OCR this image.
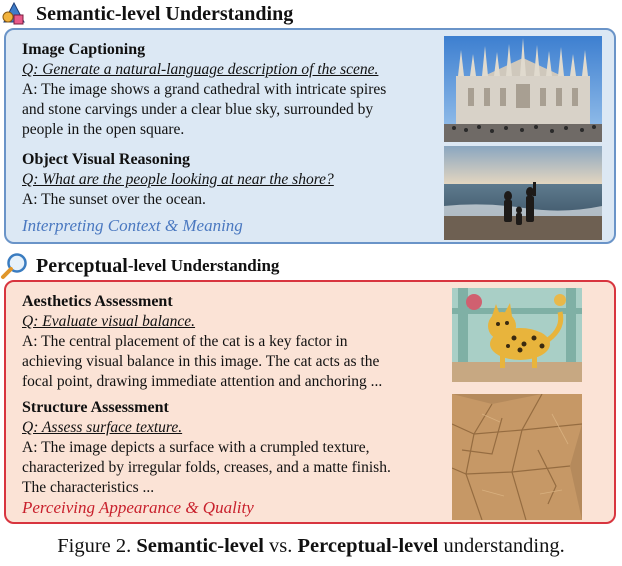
Semantic-level Understanding
Image Captioning
Q: Generate a natural-language description of the scene.
A: The image shows a grand cathedral with intricate spires
and stone carvings under a clear blue sky, surrounded by
people in the open square.
Object Visual Reasoning
Q: What are the people looking at near the shore?
A: The sunset over the ocean.
Interpreting Context & Meaning
Perceptual -level Understanding
Aesthetics Assessment
Q: Evaluate visual balance.
A: The central placement of the cat is a key factor in
achieving visual balance in this image. The cat acts as the
focal point, drawing immediate attention and anchoring ...
Structure Assessment
Q: Assess surface texture.
A: The image depicts a surface with a crumpled texture,
characterized by irregular folds, creases, and a matte finish.
The characteristics ...
Perceiving Appearance & Quality
Figure 2. Semantic-level vs. Perceptual-level understanding.
